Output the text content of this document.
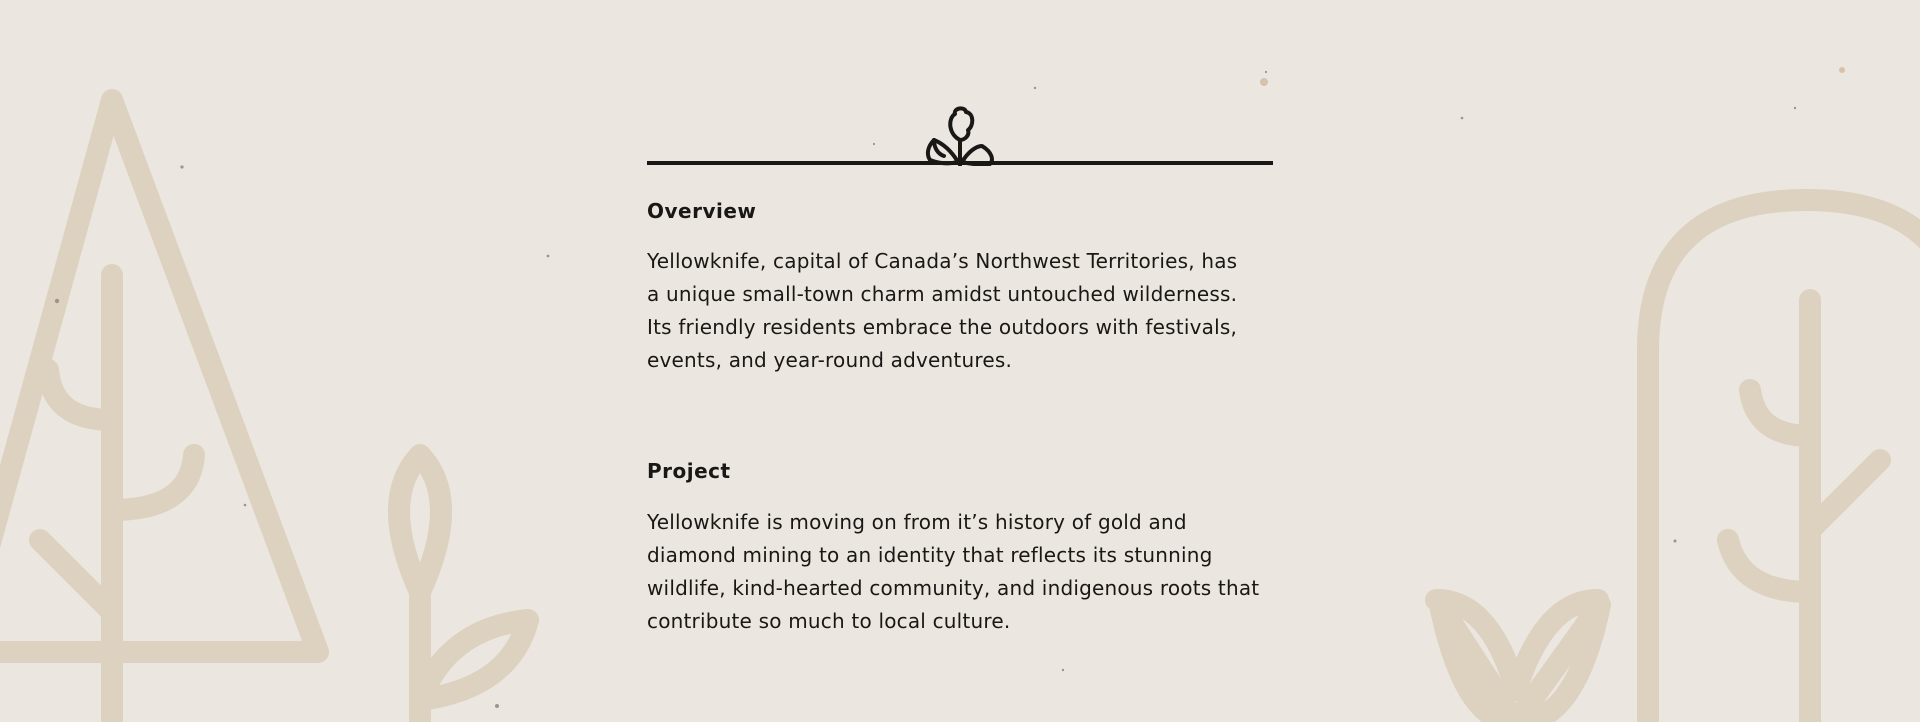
Overview

Yellowknife, capital of Canada’s Northwest Territories, has

a unique small-town charm amidst untouched wilderness.

Its friendly residents embrace the outdoors with festivals,

events, and year-round adventures.

Project

Yellowknife is moving on from it’s history of gold and

diamond mining to an identity that reflects its stunning

wildlife, kind-hearted community, and indigenous roots that

contribute so much to local culture.
